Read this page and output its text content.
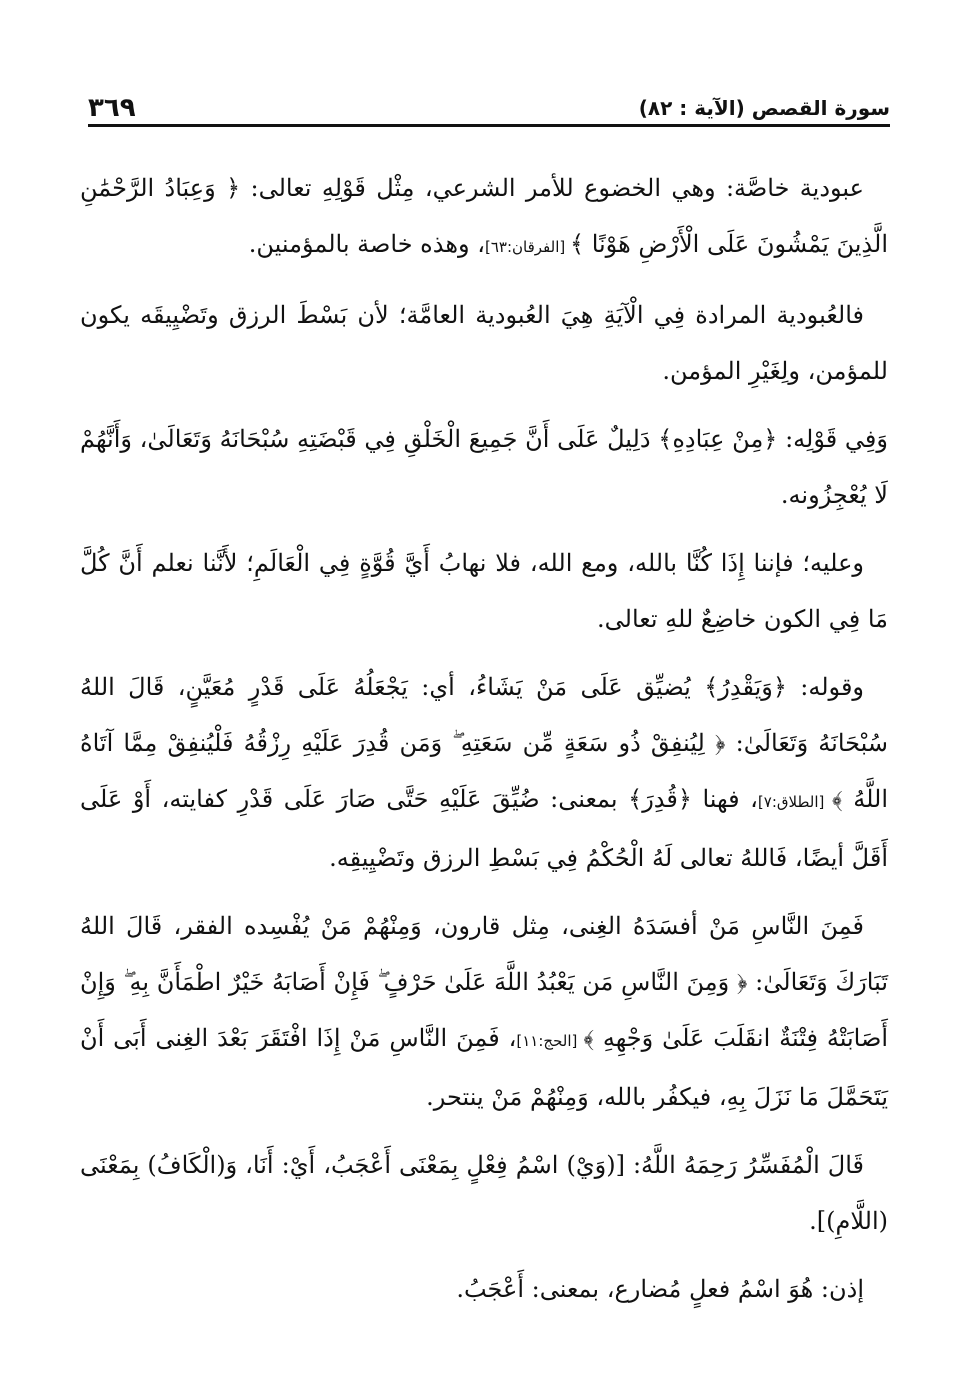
٣٦٩	سورة القصص (الآية : ٨٢)

عبودية خاصَّة: وهي الخضوع للأمر الشرعي، مِثْل قَوْلِهِ تعالى: ﴿ وَعِبَادُ الرَّحْمَٰنِ الَّذِينَ يَمْشُونَ عَلَى الْأَرْضِ هَوْنًا ﴾ [الفرقان:٦٣]، وهذه خاصة بالمؤمنين.

فالعُبودية المرادة فِي الْآيَةِ هِيَ العُبودية العامَّة؛ لأن بَسْطَ الرزق وتَضْيِيقَه يكون للمؤمن، ولِغَيْرِ المؤمن.

وَفِي قَوْلِه: ﴿مِنْ عِبَادِهِ﴾ دَلِيلٌ عَلَى أَنَّ جَمِيعَ الْخَلْقِ فِي قَبْضَتِهِ سُبْحَانَهُ وَتَعَالَىٰ، وَأَنَّهُمْ لَا يُعْجِزُونه.

وعليه؛ فإننا إِذَا كُنَّا بالله، ومع الله، فلا نهابُ أَيَّ قُوَّةٍ فِي الْعَالَمِ؛ لأَنَّنا نعلم أَنَّ كُلَّ مَا فِي الكون خاضِعٌ للهِ تعالى.

وقوله: ﴿وَيَقْدِرُ﴾ يُضيِّق عَلَى مَنْ يَشَاءُ، أي: يَجْعَلُهُ عَلَى قَدْرٍ مُعَيَّنٍ، قَالَ اللهُ سُبْحَانَهُ وَتَعَالَىٰ: ﴿ لِيُنفِقْ ذُو سَعَةٍ مِّن سَعَتِهِ ۖ وَمَن قُدِرَ عَلَيْهِ رِزْقُهُ فَلْيُنفِقْ مِمَّا آتَاهُ اللَّهُ ﴾ [الطلاق:٧]، فهنا ﴿قُدِرَ﴾ بمعنى: ضُيِّقَ عَلَيْهِ حَتَّى صَارَ عَلَى قَدْرِ كفايته، أَوْ عَلَى أَقَلَّ أيضًا، فَاللهُ تعالى لَهُ الْحُكْمُ فِي بَسْطِ الرزق وتَضْيِيقِه.

فَمِنَ النَّاسِ مَنْ أفسَدَهُ الغِنى، مِثل قارون، وَمِنْهُمْ مَنْ يُفْسِده الفقر، قَالَ اللهُ تَبَارَكَ وَتَعَالَىٰ: ﴿ وَمِنَ النَّاسِ مَن يَعْبُدُ اللَّهَ عَلَىٰ حَرْفٍ ۖ فَإِنْ أَصَابَهُ خَيْرٌ اطْمَأَنَّ بِهِ ۖ وَإِنْ أَصَابَتْهُ فِتْنَةٌ انقَلَبَ عَلَىٰ وَجْهِهِ ﴾ [الحج:١١]، فَمِنَ النَّاسِ مَنْ إِذَا افْتَقَرَ بَعْدَ الغِنى أَبَى أَنْ يَتَحَمَّلَ مَا نَزَلَ بِهِ، فيكفُر بالله، وَمِنْهُمْ مَنْ ينتحر.

قَالَ الْمُفَسِّرُ رَحِمَهُ اللَّهُ: [(وَيْ) اسْمُ فِعْلٍ بِمَعْنَى أَعْجَبُ، أَيْ: أَنَا، وَ(الْكَافُ) بِمَعْنَى (اللَّامِ)].

إذن: هُوَ اسْمُ فعلٍ مُضارع، بمعنى: أَعْجَبُ.
